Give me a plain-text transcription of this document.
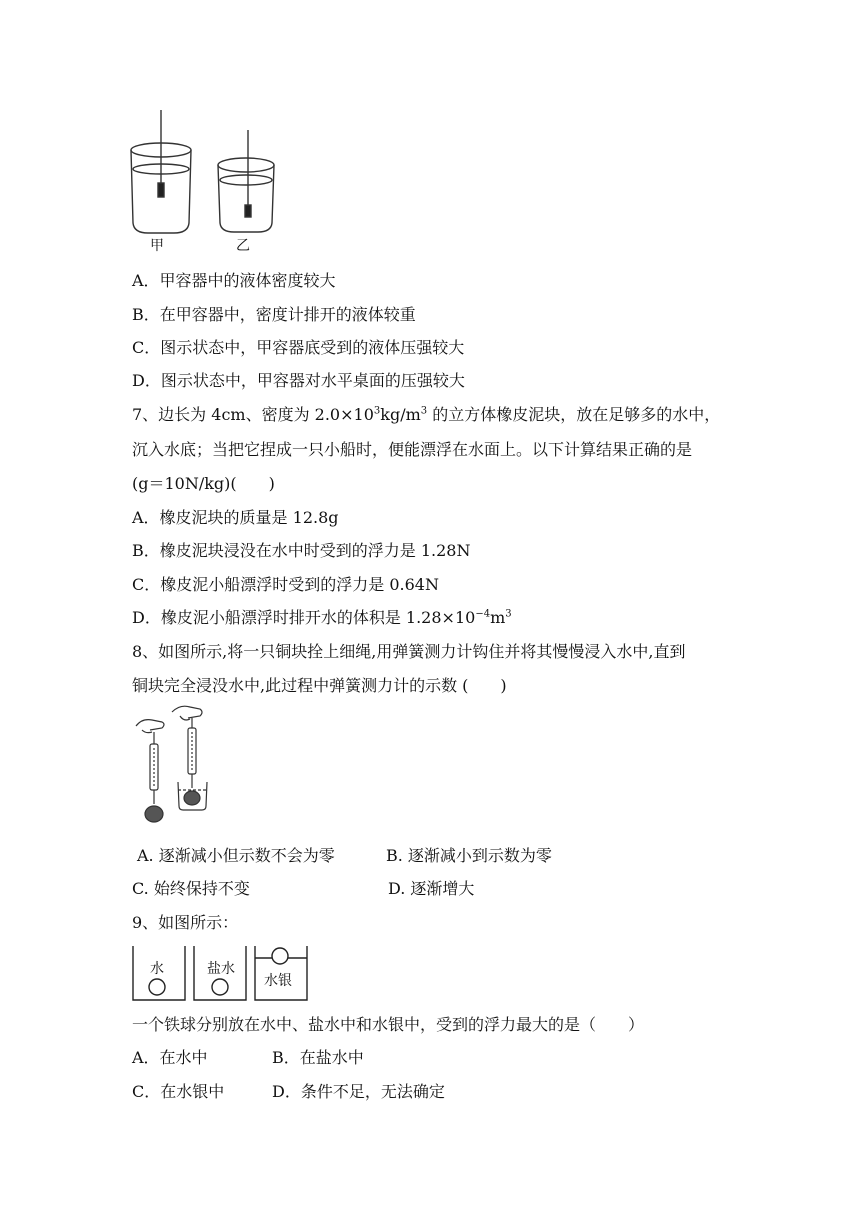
甲	乙
A．甲容器中的液体密度较大
B．在甲容器中，密度计排开的液体较重
C．图示状态中，甲容器底受到的液体压强较大
D．图示状态中，甲容器对水平桌面的压强较大
7、边长为 4cm、密度为 $2.0\times 10^3kg/m^3$ 的立方体橡皮泥块，放在足够多的水中，
沉入水底；当把它捏成一只小船时，便能漂浮在水面上。以下计算结果正确的是
(g＝10N/kg)(　　)
A．橡皮泥块的质量是 12.8g
B．橡皮泥块浸没在水中时受到的浮力是 1.28N
C．橡皮泥小船漂浮时受到的浮力是 0.64N
D．橡皮泥小船漂浮时排开水的体积是 $1.28\times 10^{-4}m^3$
8、如图所示,将一只铜块拴上细绳,用弹簧测力计钩住并将其慢慢浸入水中,直到
铜块完全浸没水中,此过程中弹簧测力计的示数 (　　)
A. 逐渐减小但示数不会为零	B. 逐渐减小到示数为零
C. 始终保持不变	D. 逐渐增大
9、如图所示：
水	盐水
水银
一个铁球分别放在水中、盐水中和水银中，受到的浮力最大的是（　　）
A．在水中	B．在盐水中
C．在水银中	D．条件不足，无法确定
